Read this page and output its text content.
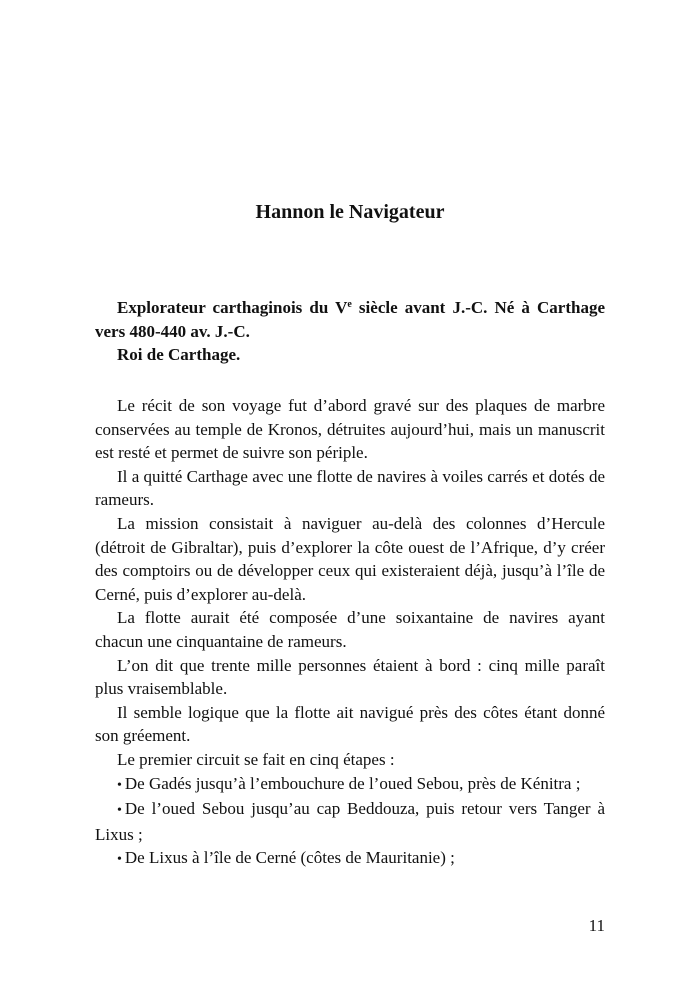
Hannon le Navigateur

Explorateur carthaginois du Ve siècle avant J.-C. Né à Carthage vers 480-440 av. J.-C.

Roi de Carthage.

Le récit de son voyage fut d’abord gravé sur des plaques de marbre conservées au temple de Kronos, détruites aujourd’hui, mais un manuscrit est resté et permet de suivre son périple.

Il a quitté Carthage avec une flotte de navires à voiles carrés et dotés de rameurs.

La mission consistait à naviguer au-delà des colonnes d’Hercule (détroit de Gibraltar), puis d’explorer la côte ouest de l’Afrique, d’y créer des comptoirs ou de développer ceux qui existeraient déjà, jusqu’à l’île de Cerné, puis d’explorer au-delà.

La flotte aurait été composée d’une soixantaine de navires ayant chacun une cinquantaine de rameurs.

L’on dit que trente mille personnes étaient à bord : cinq mille paraît plus vraisemblable.

Il semble logique que la flotte ait navigué près des côtes étant donné son gréement.

Le premier circuit se fait en cinq étapes :

• De Gadés jusqu’à l’embouchure de l’oued Sebou, près de Kénitra ;

• De l’oued Sebou jusqu’au cap Beddouza, puis retour vers Tanger à Lixus ;

• De Lixus à l’île de Cerné (côtes de Mauritanie) ;

11
